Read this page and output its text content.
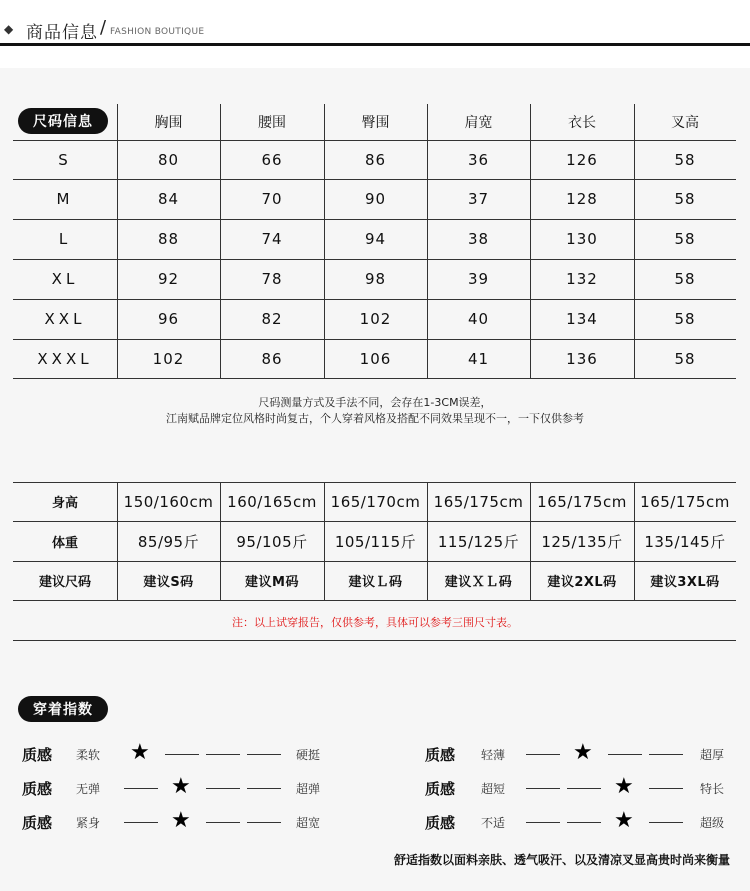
◆ 商品信息 / FASHION BOUTIQUE
尺码信息	胸围	腰围	臀围	肩宽	衣长	叉高
S	80	66	86	36	126	58
M	84	70	90	37	128	58
L	88	74	94	38	130	58
XL	92	78	98	39	132	58
XXL	96	82	102	40	134	58
XXXL	102	86	106	41	136	58
尺码测量方式及手法不同，会存在1-3CM误差，
江南赋品牌定位风格时尚复古，个人穿着风格及搭配不同效果呈现不一，一下仅供参考
身高	150/160cm 160/165cm 165/170cm 165/175cm 165/175cm 165/175cm
体重	85/95斤	95/105斤	105/115斤	115/125斤	125/135斤	135/145斤
建议尺码	建议S码	建议M码	建议Ｌ码	建议ＸＬ码	建议2XL码	建议3XL码
注：以上试穿报告，仅供参考，具体可以参考三围尺寸表。
穿着指数
质感 柔软	硬挺
★
质感 无弹	超弹
★
质感 紧身	超宽
★
质感 轻薄	超厚
★
质感 超短	特长
★
质感 不适	超级
★
舒适指数以面料亲肤、透气吸汗、以及清凉叉显高贵时尚来衡量
